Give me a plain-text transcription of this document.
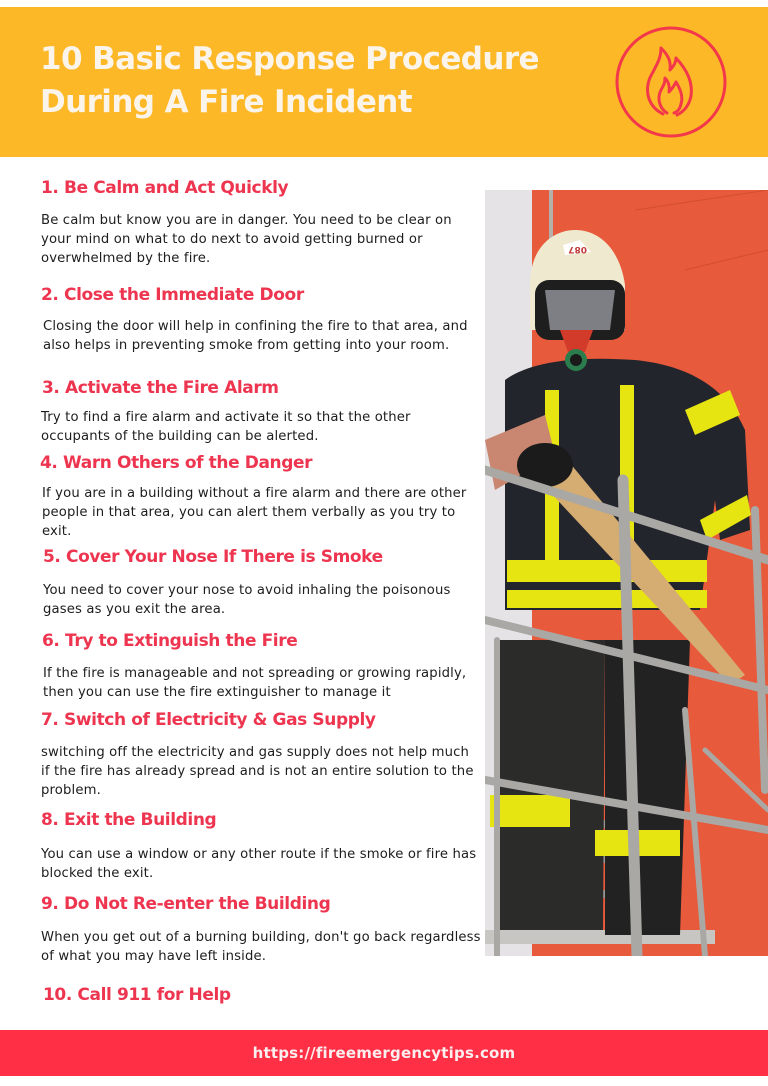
10 Basic Response Procedure
During A Fire Incident
1. Be Calm and Act Quickly

Be calm but know you are in danger. You need to be clear on your mind on what to do next to avoid getting burned or overwhelmed by the fire.

2. Close the Immediate Door

Closing the door will help in confining the fire to that area, and also helps in preventing smoke from getting into your room.

3. Activate the Fire Alarm

Try to find a fire alarm and activate it so that the other occupants of the building can be alerted.

4. Warn Others of the Danger

If you are in a building without a fire alarm and there are other people in that area, you can alert them verbally as you try to exit.

5. Cover Your Nose If There is Smoke

You need to cover your nose to avoid inhaling the poisonous gases as you exit the area.

6. Try to Extinguish the Fire

If the fire is manageable and not spreading or growing rapidly, then you can use the fire extinguisher to manage it

7. Switch of Electricity & Gas Supply

switching off the electricity and gas supply does not help much if the fire has already spread and is not an entire solution to the problem.

8. Exit the Building

You can use a window or any other route if the smoke or fire has blocked the exit.

9. Do Not Re-enter the Building

When you get out of a burning building, don't go back regardless of what you may have left inside.

10. Call 911 for Help
087
https://fireemergencytips.com
